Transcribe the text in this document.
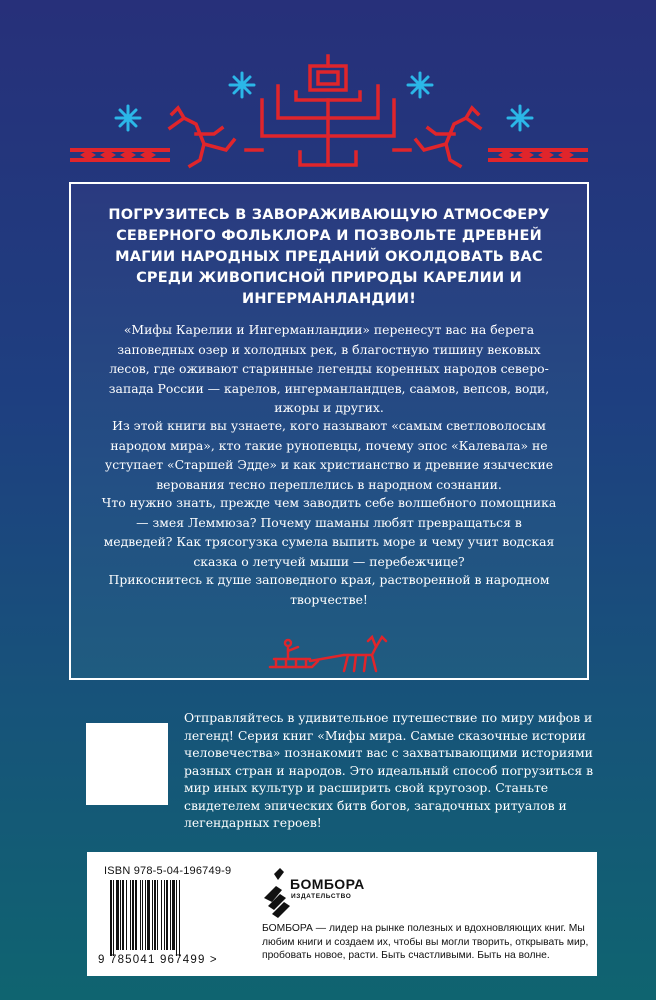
ПОГРУЗИТЕСЬ В ЗАВОРАЖИВАЮЩУЮ АТМОСФЕРУ СЕВЕРНОГО ФОЛЬКЛОРА И ПОЗВОЛЬТЕ ДРЕВНЕЙ МАГИИ НАРОДНЫХ ПРЕДАНИЙ ОКОЛДОВАТЬ ВАС СРЕДИ ЖИВОПИСНОЙ ПРИРОДЫ КАРЕЛИИ И ИНГЕРМАНЛАНДИИ!

«Мифы Карелии и Ингерманландии» перенесут вас на берега заповедных озер и холодных рек, в благостную тишину вековых лесов, где оживают старинные легенды коренных народов северо-запада России — карелов, ингерманландцев, саамов, вепсов, води, ижоры и других.

Из этой книги вы узнаете, кого называют «самым светловолосым народом мира», кто такие рунопевцы, почему эпос «Калевала» не уступает «Старшей Эдде» и как христианство и древние языческие верования тесно переплелись в народном сознании.

Что нужно знать, прежде чем заводить себе волшебного помощника — змея Леммюза? Почему шаманы любят превращаться в медведей? Как трясогузка сумела выпить море и чему учит водская сказка о летучей мыши — перебежчице?

Прикоснитесь к душе заповедного края, растворенной в народном творчестве!

Отправляйтесь в удивительное путешествие по миру мифов и легенд! Серия книг «Мифы мира. Самые сказочные истории человечества» познакомит вас с захватывающими историями разных стран и народов. Это идеальный способ погрузиться в мир иных культур и расширить свой кругозор. Станьте свидетелем эпических битв богов, загадочных ритуалов и легендарных героев!

ISBN 978-5-04-196749-9

9 785041 967499 >

БОМБОРА

ИЗДАТЕЛЬСТВО

БОМБОРА — лидер на рынке полезных и вдохновляющих книг. Мы любим книги и создаем их, чтобы вы могли творить, открывать мир, пробовать новое, расти. Быть счастливыми. Быть на волне.
